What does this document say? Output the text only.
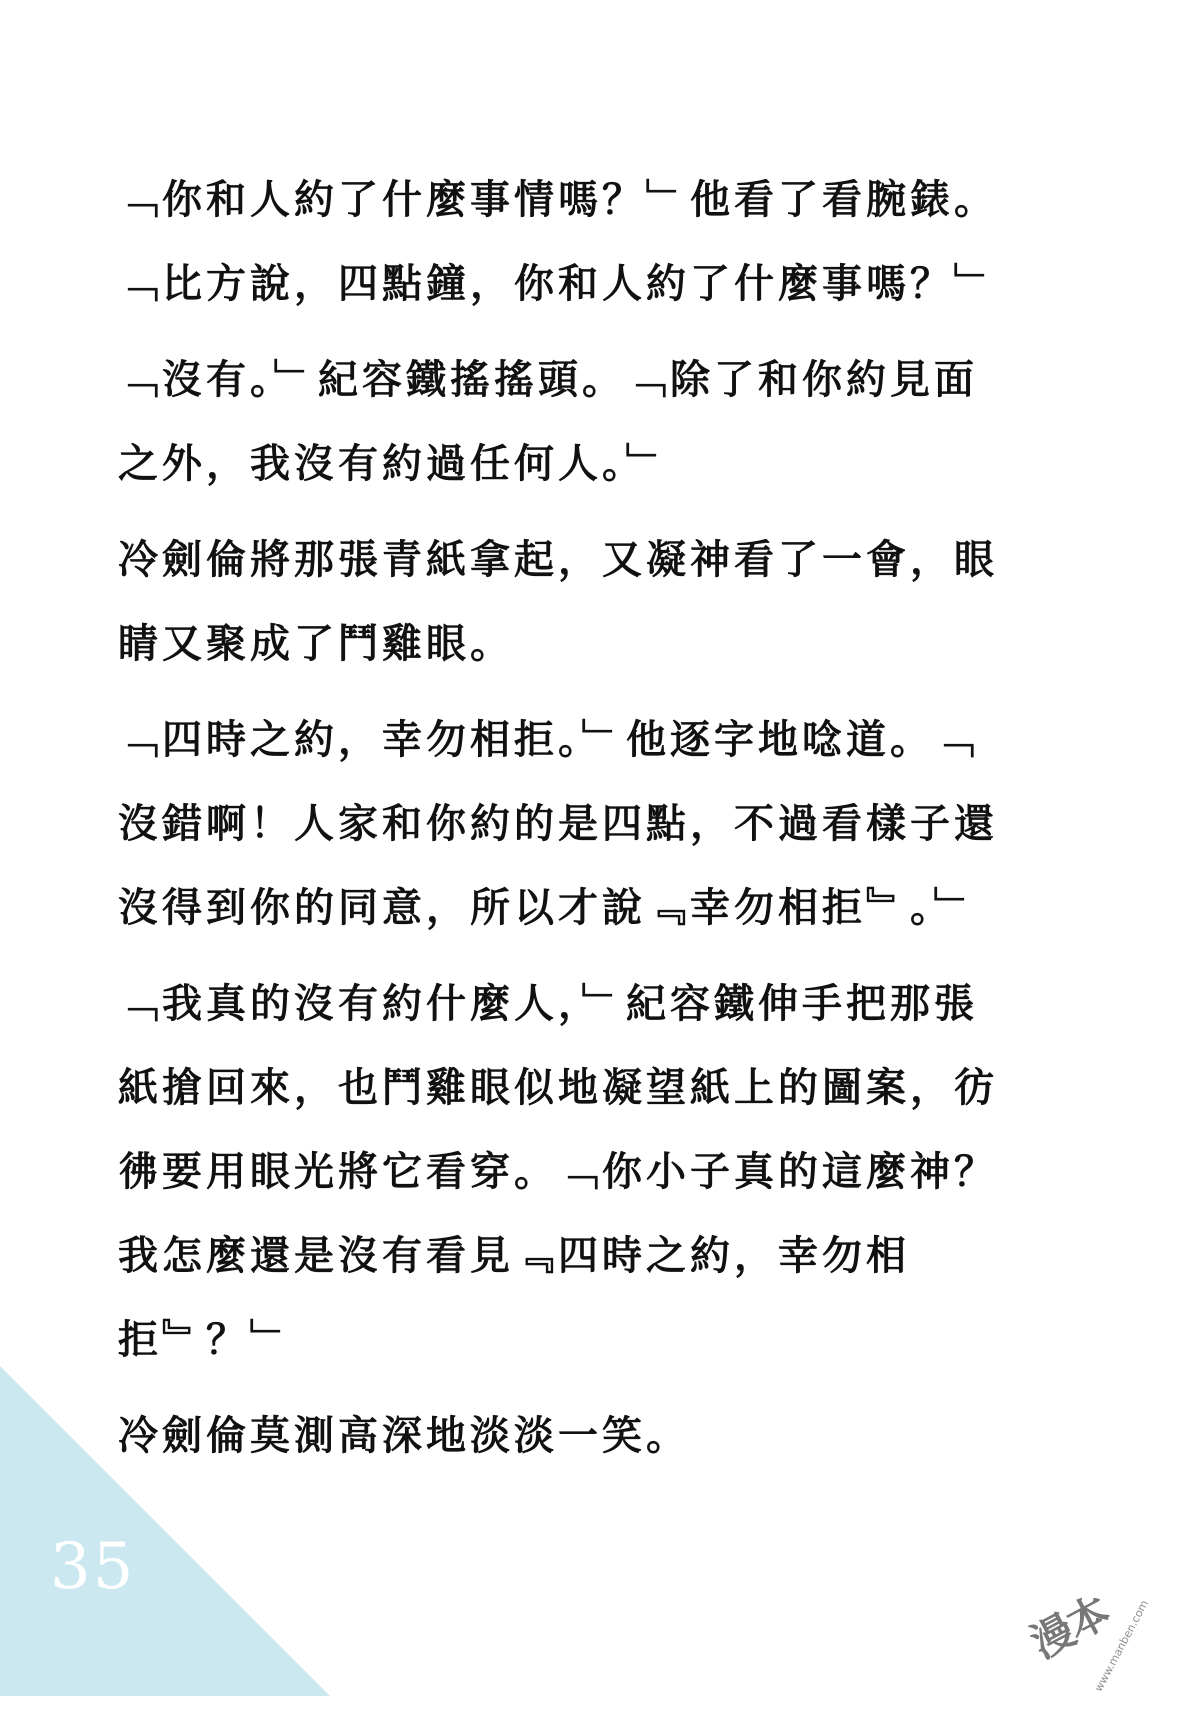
﹁你和人約了什麼事情嗎？﹂他看了看腕錶。
﹁比方說，四點鐘，你和人約了什麼事嗎？﹂
﹁沒有。﹂紀容鐵搖搖頭。﹁除了和你約見面
之外，我沒有約過任何人。﹂
冷劍倫將那張青紙拿起，又凝神看了一會，眼
睛又聚成了鬥雞眼。
﹁四時之約，幸勿相拒。﹂他逐字地唸道。﹁
沒錯啊！人家和你約的是四點，不過看樣子還
沒得到你的同意，所以才說﹃幸勿相拒﹄。﹂
﹁我真的沒有約什麼人，﹂紀容鐵伸手把那張
紙搶回來，也鬥雞眼似地凝望紙上的圖案，彷
彿要用眼光將它看穿。﹁你小子真的這麼神？
我怎麼還是沒有看見﹃四時之約，幸勿相
拒﹄？﹂
冷劍倫莫測高深地淡淡一笑。
35
漫本
www.manben.com
